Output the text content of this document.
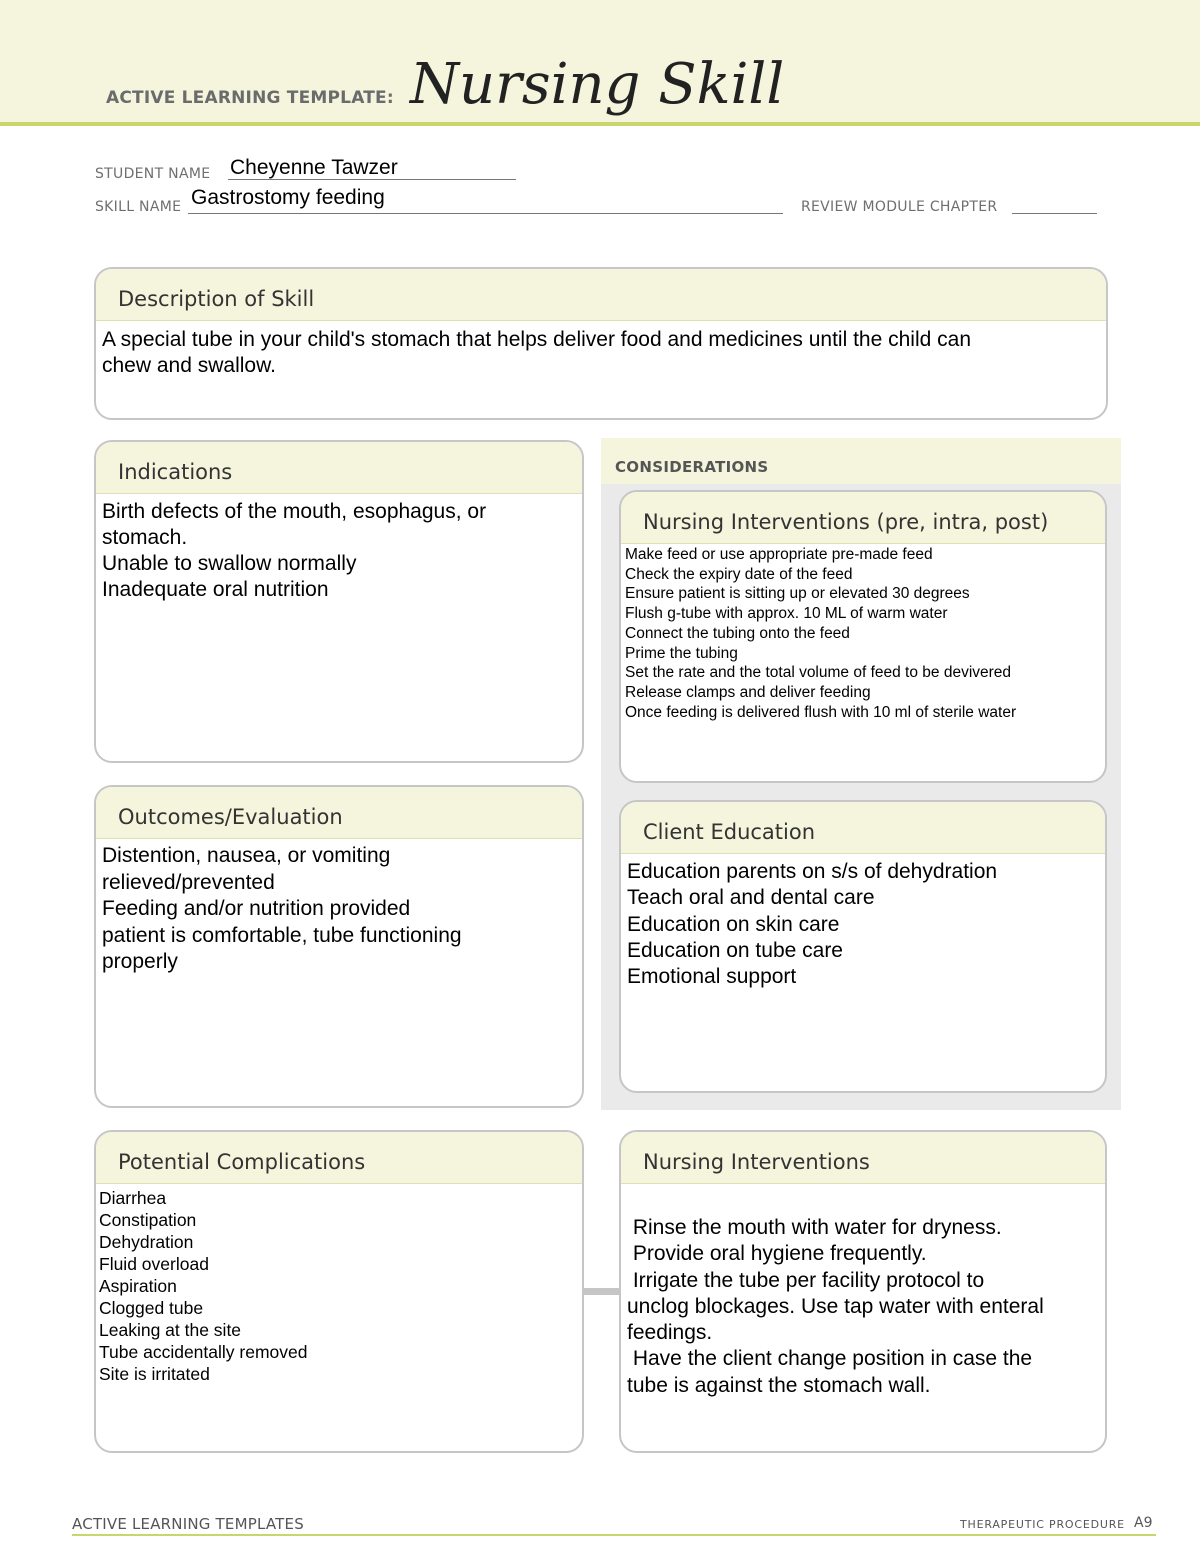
ACTIVE LEARNING TEMPLATE: Nursing Skill
STUDENT NAME Cheyenne Tawzer
SKILL NAME Gastrostomy feeding	REVIEW MODULE CHAPTER
Description of Skill
A special tube in your child's stomach that helps deliver food and medicines until the child can
chew and swallow.
Indications
Birth defects of the mouth, esophagus, or
stomach.
Unable to swallow normally
Inadequate oral nutrition
CONSIDERATIONS
Nursing Interventions (pre, intra, post)
Make feed or use appropriate pre-made feed
Check the expiry date of the feed
Ensure patient is sitting up or elevated 30 degrees
Flush g-tube with approx. 10 ML of warm water
Connect the tubing onto the feed
Prime the tubing
Set the rate and the total volume of feed to be devivered
Release clamps and deliver feeding
Once feeding is delivered flush with 10 ml of sterile water
Outcomes/Evaluation
Distention, nausea, or vomiting
relieved/prevented
Feeding and/or nutrition provided
patient is comfortable, tube functioning
properly
Client Education
Education parents on s/s of dehydration
Teach oral and dental care
Education on skin care
Education on tube care
Emotional support
Potential Complications
Diarrhea
Constipation
Dehydration
Fluid overload
Aspiration
Clogged tube
Leaking at the site
Tube accidentally removed
Site is irritated
Nursing Interventions
Rinse the mouth with water for dryness.
Provide oral hygiene frequently.
Irrigate the tube per facility protocol to
unclog blockages. Use tap water with enteral
feedings.
Have the client change position in case the
tube is against the stomach wall.
ACTIVE LEARNING TEMPLATES	THERAPEUTIC PROCEDURE A9
